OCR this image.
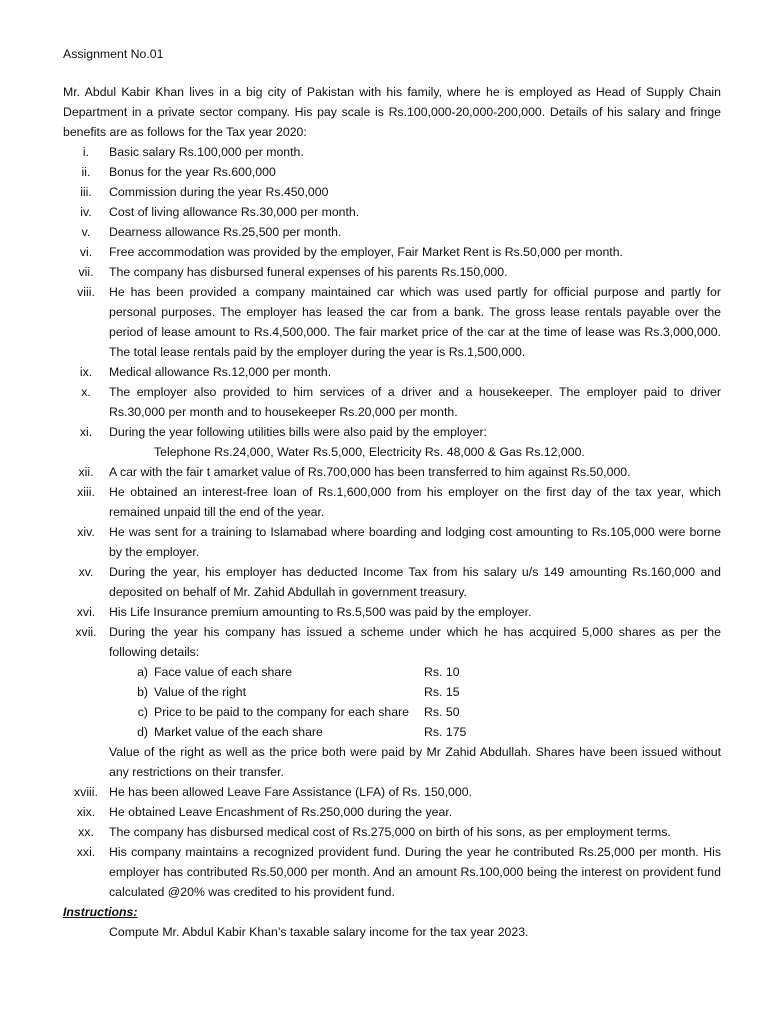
Assignment No.01

Mr. Abdul Kabir Khan lives in a big city of Pakistan with his family, where he is employed as Head of Supply Chain Department in a private sector company. His pay scale is Rs.100,000-20,000-200,000. Details of his salary and fringe benefits are as follows for the Tax year 2020:

i.	Basic salary Rs.100,000 per month.

ii.	Bonus for the year Rs.600,000

iii.	Commission during the year Rs.450,000

iv.	Cost of living allowance Rs.30,000 per month.

v.	Dearness allowance Rs.25,500 per month.

vi.	Free accommodation was provided by the employer, Fair Market Rent is Rs.50,000 per month.

vii.	The company has disbursed funeral expenses of his parents Rs.150,000.

viii.	He has been provided a company maintained car which was used partly for official purpose and partly for personal purposes. The employer has leased the car from a bank. The gross lease rentals payable over the period of lease amount to Rs.4,500,000. The fair market price of the car at the time of lease was Rs.3,000,000. The total lease rentals paid by the employer during the year is Rs.1,500,000.

ix.	Medical allowance Rs.12,000 per month.

x.	The employer also provided to him services of a driver and a housekeeper. The employer paid to driver Rs.30,000 per month and to housekeeper Rs.20,000 per month.

xi.	During the year following utilities bills were also paid by the employer:

Telephone Rs.24,000, Water Rs.5,000, Electricity Rs. 48,000 & Gas Rs.12,000.

xii.	A car with the fair t amarket value of Rs.700,000 has been transferred to him against Rs.50,000.

xiii.	He obtained an interest-free loan of Rs.1,600,000 from his employer on the first day of the tax year, which remained unpaid till the end of the year.

xiv.	He was sent for a training to Islamabad where boarding and lodging cost amounting to Rs.105,000 were borne by the employer.

xv.	During the year, his employer has deducted Income Tax from his salary u/s 149 amounting Rs.160,000 and deposited on behalf of Mr. Zahid Abdullah in government treasury.

xvi.	His Life Insurance premium amounting to Rs.5,500 was paid by the employer.

xvii.	During the year his company has issued a scheme under which he has acquired 5,000 shares as per the following details:

a) Face value of each share	Rs. 10
b) Value of the right	Rs. 15
c) Price to be paid to the company for each share	Rs. 50
d) Market value of the each share	Rs. 175

Value of the right as well as the price both were paid by Mr Zahid Abdullah. Shares have been issued without any restrictions on their transfer.

xviii. He has been allowed Leave Fare Assistance (LFA) of Rs. 150,000.

xix.	He obtained Leave Encashment of Rs.250,000 during the year.

xx.	The company has disbursed medical cost of Rs.275,000 on birth of his sons, as per employment terms.

xxi.	His company maintains a recognized provident fund. During the year he contributed Rs.25,000 per month. His employer has contributed Rs.50,000 per month. And an amount Rs.100,000 being the interest on provident fund calculated @20% was credited to his provident fund.

Instructions:

Compute Mr. Abdul Kabir Khan’s taxable salary income for the tax year 2023.
